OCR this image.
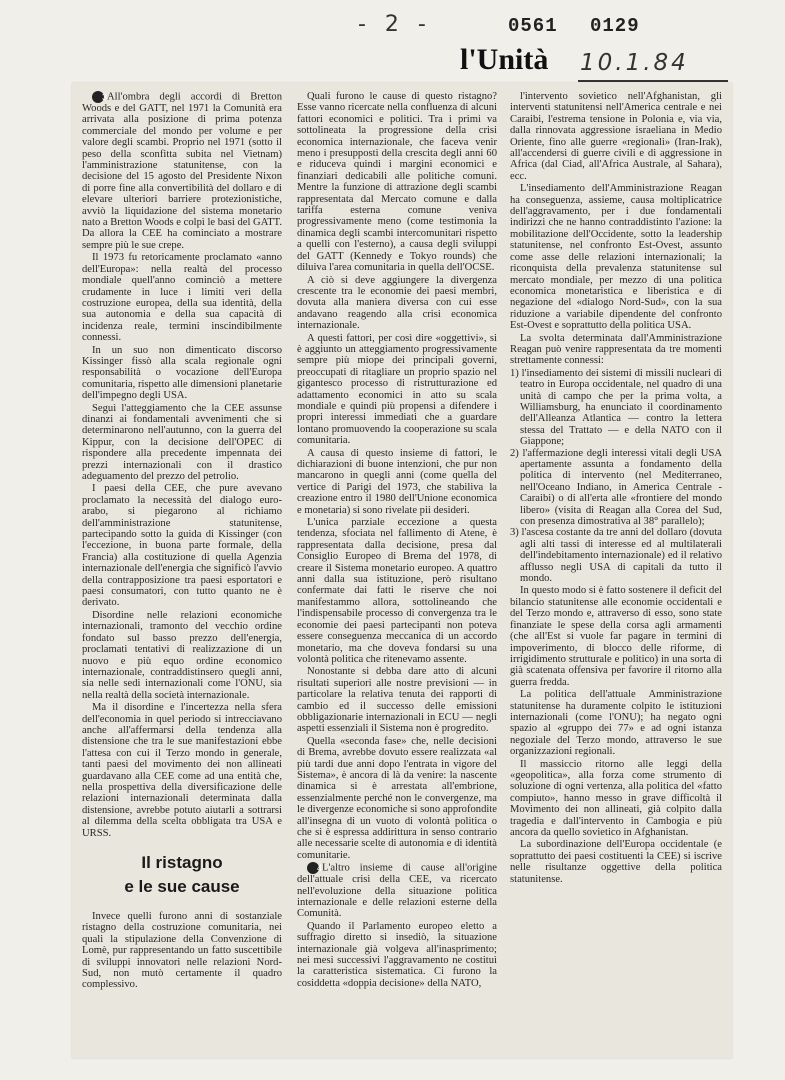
- 2 -	0561 0129
l'Unità 10.1.84

3All'ombra degli accordi di Bretton Woods e del GATT, nel 1971 la Comunità era arrivata alla posizione di prima potenza commerciale del mondo per volume e per valore degli scambi. Proprio nel 1971 (sotto il peso della sconfitta subita nel Vietnam) l'amministrazione statunitense, con la decisione del 15 agosto del Presidente Nixon di porre fine alla convertibilità del dollaro e di elevare ulteriori barriere protezionistiche, avviò la liquidazione del sistema monetario nato a Bretton Woods e colpì le basi del GATT. Da allora la CEE ha cominciato a mostrare sempre più le sue crepe.

Il 1973 fu retoricamente proclamato «anno dell'Europa»: nella realtà del processo mondiale quell'anno cominciò a mettere crudamente in luce i limiti veri della costruzione europea, della sua identità, della sua autonomia e della sua capacità di incidenza reale, termini inscindibilmente connessi.

In un suo non dimenticato discorso Kissinger fissò alla scala regionale ogni responsabilità o vocazione dell'Europa comunitaria, rispetto alle dimensioni planetarie dell'impegno degli USA.

Seguì l'atteggiamento che la CEE assunse dinanzi ai fondamentali avvenimenti che si determinarono nell'autunno, con la guerra del Kippur, con la decisione dell'OPEC di rispondere alla precedente impennata dei prezzi internazionali con il drastico adeguamento del prezzo del petrolio.

I paesi della CEE, che pure avevano proclamato la necessità del dialogo euro-arabo, si piegarono al richiamo dell'amministrazione statunitense, partecipando sotto la guida di Kissinger (con l'eccezione, in buona parte formale, della Francia) alla costituzione di quella Agenzia internazionale dell'energia che significò l'avvio della contrapposizione tra paesi esportatori e paesi consumatori, con tutto quanto ne è derivato.

Disordine nelle relazioni economiche internazionali, tramonto del vecchio ordine fondato sul basso prezzo dell'energia, proclamati tentativi di realizzazione di un nuovo e più equo ordine economico internazionale, contraddistinsero quegli anni, sia nelle sedi internazionali come l'ONU, sia nella realtà della società internazionale.

Ma il disordine e l'incertezza nella sfera dell'economia in quel periodo si intrecciavano anche all'affermarsi della tendenza alla distensione che tra le sue manifestazioni ebbe l'attesa con cui il Terzo mondo in generale, tanti paesi del movimento dei non allineati guardavano alla CEE come ad una entità che, nella prospettiva della diversificazione delle relazioni internazionali determinata dalla distensione, avrebbe potuto aiutarli a sottrarsi al dilemma della scelta obbligata tra USA e URSS.

Il ristagno
e le sue cause

Invece quelli furono anni di sostanziale ristagno della costruzione comunitaria, nei quali la stipulazione della Convenzione di Lomè, pur rappresentando un fatto suscettibile di sviluppi innovatori nelle relazioni Nord-Sud, non mutò certamente il quadro complessivo.

Quali furono le cause di questo ristagno? Esse vanno ricercate nella confluenza di alcuni fattori economici e politici. Tra i primi va sottolineata la progressione della crisi economica internazionale, che faceva venir meno i presupposti della crescita degli anni 60 e riduceva quindi i margini economici e finanziari dedicabili alle politiche comuni. Mentre la funzione di attrazione degli scambi rappresentata dal Mercato comune e dalla tariffa esterna comune veniva progressivamente meno (come testimonia la dinamica degli scambi intercomunitari rispetto a quelli con l'esterno), a causa degli sviluppi del GATT (Kennedy e Tokyo rounds) che diluiva l'area comunitaria in quella dell'OCSE.

A ciò si deve aggiungere la divergenza crescente tra le economie dei paesi membri, dovuta alla maniera diversa con cui esse andavano reagendo alla crisi economica internazionale.

A questi fattori, per così dire «oggettivi», si è aggiunto un atteggiamento progressivamente sempre più miope dei principali governi, preoccupati di ritagliare un proprio spazio nel gigantesco processo di ristrutturazione ed adattamento economici in atto su scala mondiale e quindi più propensi a difendere i propri interessi immediati che a guardare lontano promuovendo la cooperazione su scala comunitaria.

A causa di questo insieme di fattori, le dichiarazioni di buone intenzioni, che pur non mancarono in quegli anni (come quella del vertice di Parigi del 1973, che stabiliva la creazione entro il 1980 dell'Unione economica e monetaria) si sono rivelate pii desideri.

L'unica parziale eccezione a questa tendenza, sfociata nel fallimento di Atene, è rappresentata dalla decisione, presa dal Consiglio Europeo di Brema del 1978, di creare il Sistema monetario europeo. A quattro anni dalla sua istituzione, però risultano confermate dai fatti le riserve che noi manifestammo allora, sottolineando che l'indispensabile processo di convergenza tra le economie dei paesi partecipanti non poteva essere conseguenza meccanica di un accordo monetario, ma che doveva fondarsi su una volontà politica che ritenevamo assente.

Nonostante si debba dare atto di alcuni risultati superiori alle nostre previsioni — in particolare la relativa tenuta dei rapporti di cambio ed il successo delle emissioni obbligazionarie internazionali in ECU — negli aspetti essenziali il Sistema non è progredito.

Quella «seconda fase» che, nelle decisioni di Brema, avrebbe dovuto essere realizzata «al più tardi due anni dopo l'entrata in vigore del Sistema», è ancora di là da venire: la nascente dinamica si è arrestata all'embrione, essenzialmente perché non le convergenze, ma le divergenze economiche si sono approfondite all'insegna di un vuoto di volontà politica o che si è espressa addirittura in senso contrario alle necessarie scelte di autonomia e di identità comunitarie.

4L'altro insieme di cause all'origine dell'attuale crisi della CEE, va ricercato nell'evoluzione della situazione politica internazionale e delle relazioni esterne della Comunità.

Quando il Parlamento europeo eletto a suffragio diretto si insediò, la situazione internazionale già volgeva all'inasprimento; nei mesi successivi l'aggravamento ne costituì la caratteristica sistematica. Ci furono la cosiddetta «doppia decisione» della NATO,

l'intervento sovietico nell'Afghanistan, gli interventi statunitensi nell'America centrale e nei Caraibi, l'estrema tensione in Polonia e, via via, dalla rinnovata aggressione israeliana in Medio Oriente, fino alle guerre «regionali» (Iran-Irak), all'accendersi di guerre civili e di aggressione in Africa (dal Ciad, all'Africa Australe, al Sahara), ecc.

L'insediamento dell'Amministrazione Reagan ha conseguenza, assieme, causa moltiplicatrice dell'aggravamento, per i due fondamentali indirizzi che ne hanno contraddistinto l'azione: la mobilitazione dell'Occidente, sotto la leadership statunitense, nel confronto Est-Ovest, assunto come asse delle relazioni internazionali; la riconquista della prevalenza statunitense sul mercato mondiale, per mezzo di una politica economica monetaristica e liberistica e di negazione del «dialogo Nord-Sud», con la sua riduzione a variabile dipendente del confronto Est-Ovest e soprattutto della politica USA.

La svolta determinata dall'Amministrazione Reagan può venire rappresentata da tre momenti strettamente connessi:

1) l'insediamento dei sistemi di missili nucleari di teatro in Europa occidentale, nel quadro di una unità di campo che per la prima volta, a Williamsburg, ha enunciato il coordinamento dell'Alleanza Atlantica — contro la lettera stessa del Trattato — e della NATO con il Giappone;
2) l'affermazione degli interessi vitali degli USA apertamente assunta a fondamento della politica di intervento (nel Mediterraneo, nell'Oceano Indiano, in America Centrale - Caraibi) o di all'erta alle «frontiere del mondo libero» (visita di Reagan alla Corea del Sud, con presenza dimostrativa al 38° parallelo);
3) l'ascesa costante da tre anni del dollaro (dovuta agli alti tassi di interesse ed al multilaterali dell'indebitamento internazionale) ed il relativo afflusso negli USA di capitali da tutto il mondo.

In questo modo si è fatto sostenere il deficit del bilancio statunitense alle economie occidentali e del Terzo mondo e, attraverso di esso, sono state finanziate le spese della corsa agli armamenti (che all'Est si vuole far pagare in termini di impoverimento, di blocco delle riforme, di irrigidimento strutturale e politico) in una sorta di già scatenata offensiva per favorire il ritorno alla guerra fredda.

La politica dell'attuale Amministrazione statunitense ha duramente colpito le istituzioni internazionali (come l'ONU); ha negato ogni spazio al «gruppo dei 77» e ad ogni istanza negoziale del Terzo mondo, attraverso le sue organizzazioni regionali.

Il massiccio ritorno alle leggi della «geopolitica», alla forza come strumento di soluzione di ogni vertenza, alla politica del «fatto compiuto», hanno messo in grave difficoltà il Movimento dei non allineati, già colpito dalla tragedia e dall'intervento in Cambogia e più ancora da quello sovietico in Afghanistan.

La subordinazione dell'Europa occidentale (e soprattutto dei paesi costituenti la CEE) si iscrive nelle risultanze oggettive della politica statunitense.
